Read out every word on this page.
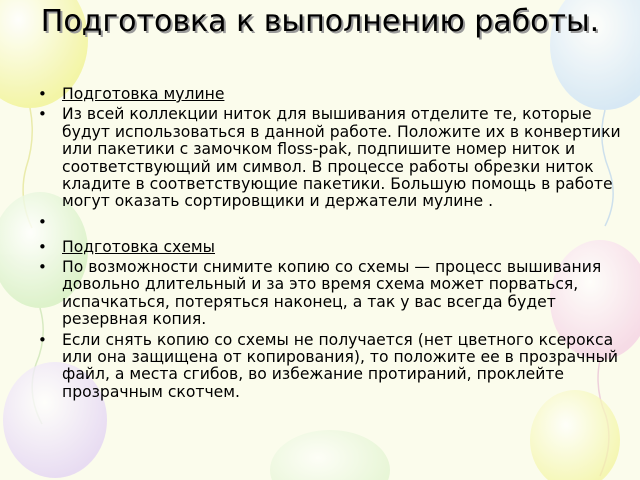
Подготовка к выполнению работы.
• Подготовка мулине
• Из всей коллекции ниток для вышивания отделите те, которые будут использоваться в данной работе. Положите их в конвертики или пакетики с замочком floss-pak, подпишите номер ниток и соответствующий им символ. В процессе работы обрезки ниток кладите в соответствующие пакетики. Большую помощь в работе могут оказать сортировщики и держатели мулине .
•
• Подготовка схемы
• По возможности снимите копию со схемы — процесс вышивания довольно длительный и за это время схема может порваться, испачкаться, потеряться наконец, а так у вас всегда будет резервная копия.
• Если снять копию со схемы не получается (нет цветного ксерокса или она защищена от копирования), то положите ее в прозрачный файл, а места сгибов, во избежание протираний, проклейте прозрачным скотчем.
